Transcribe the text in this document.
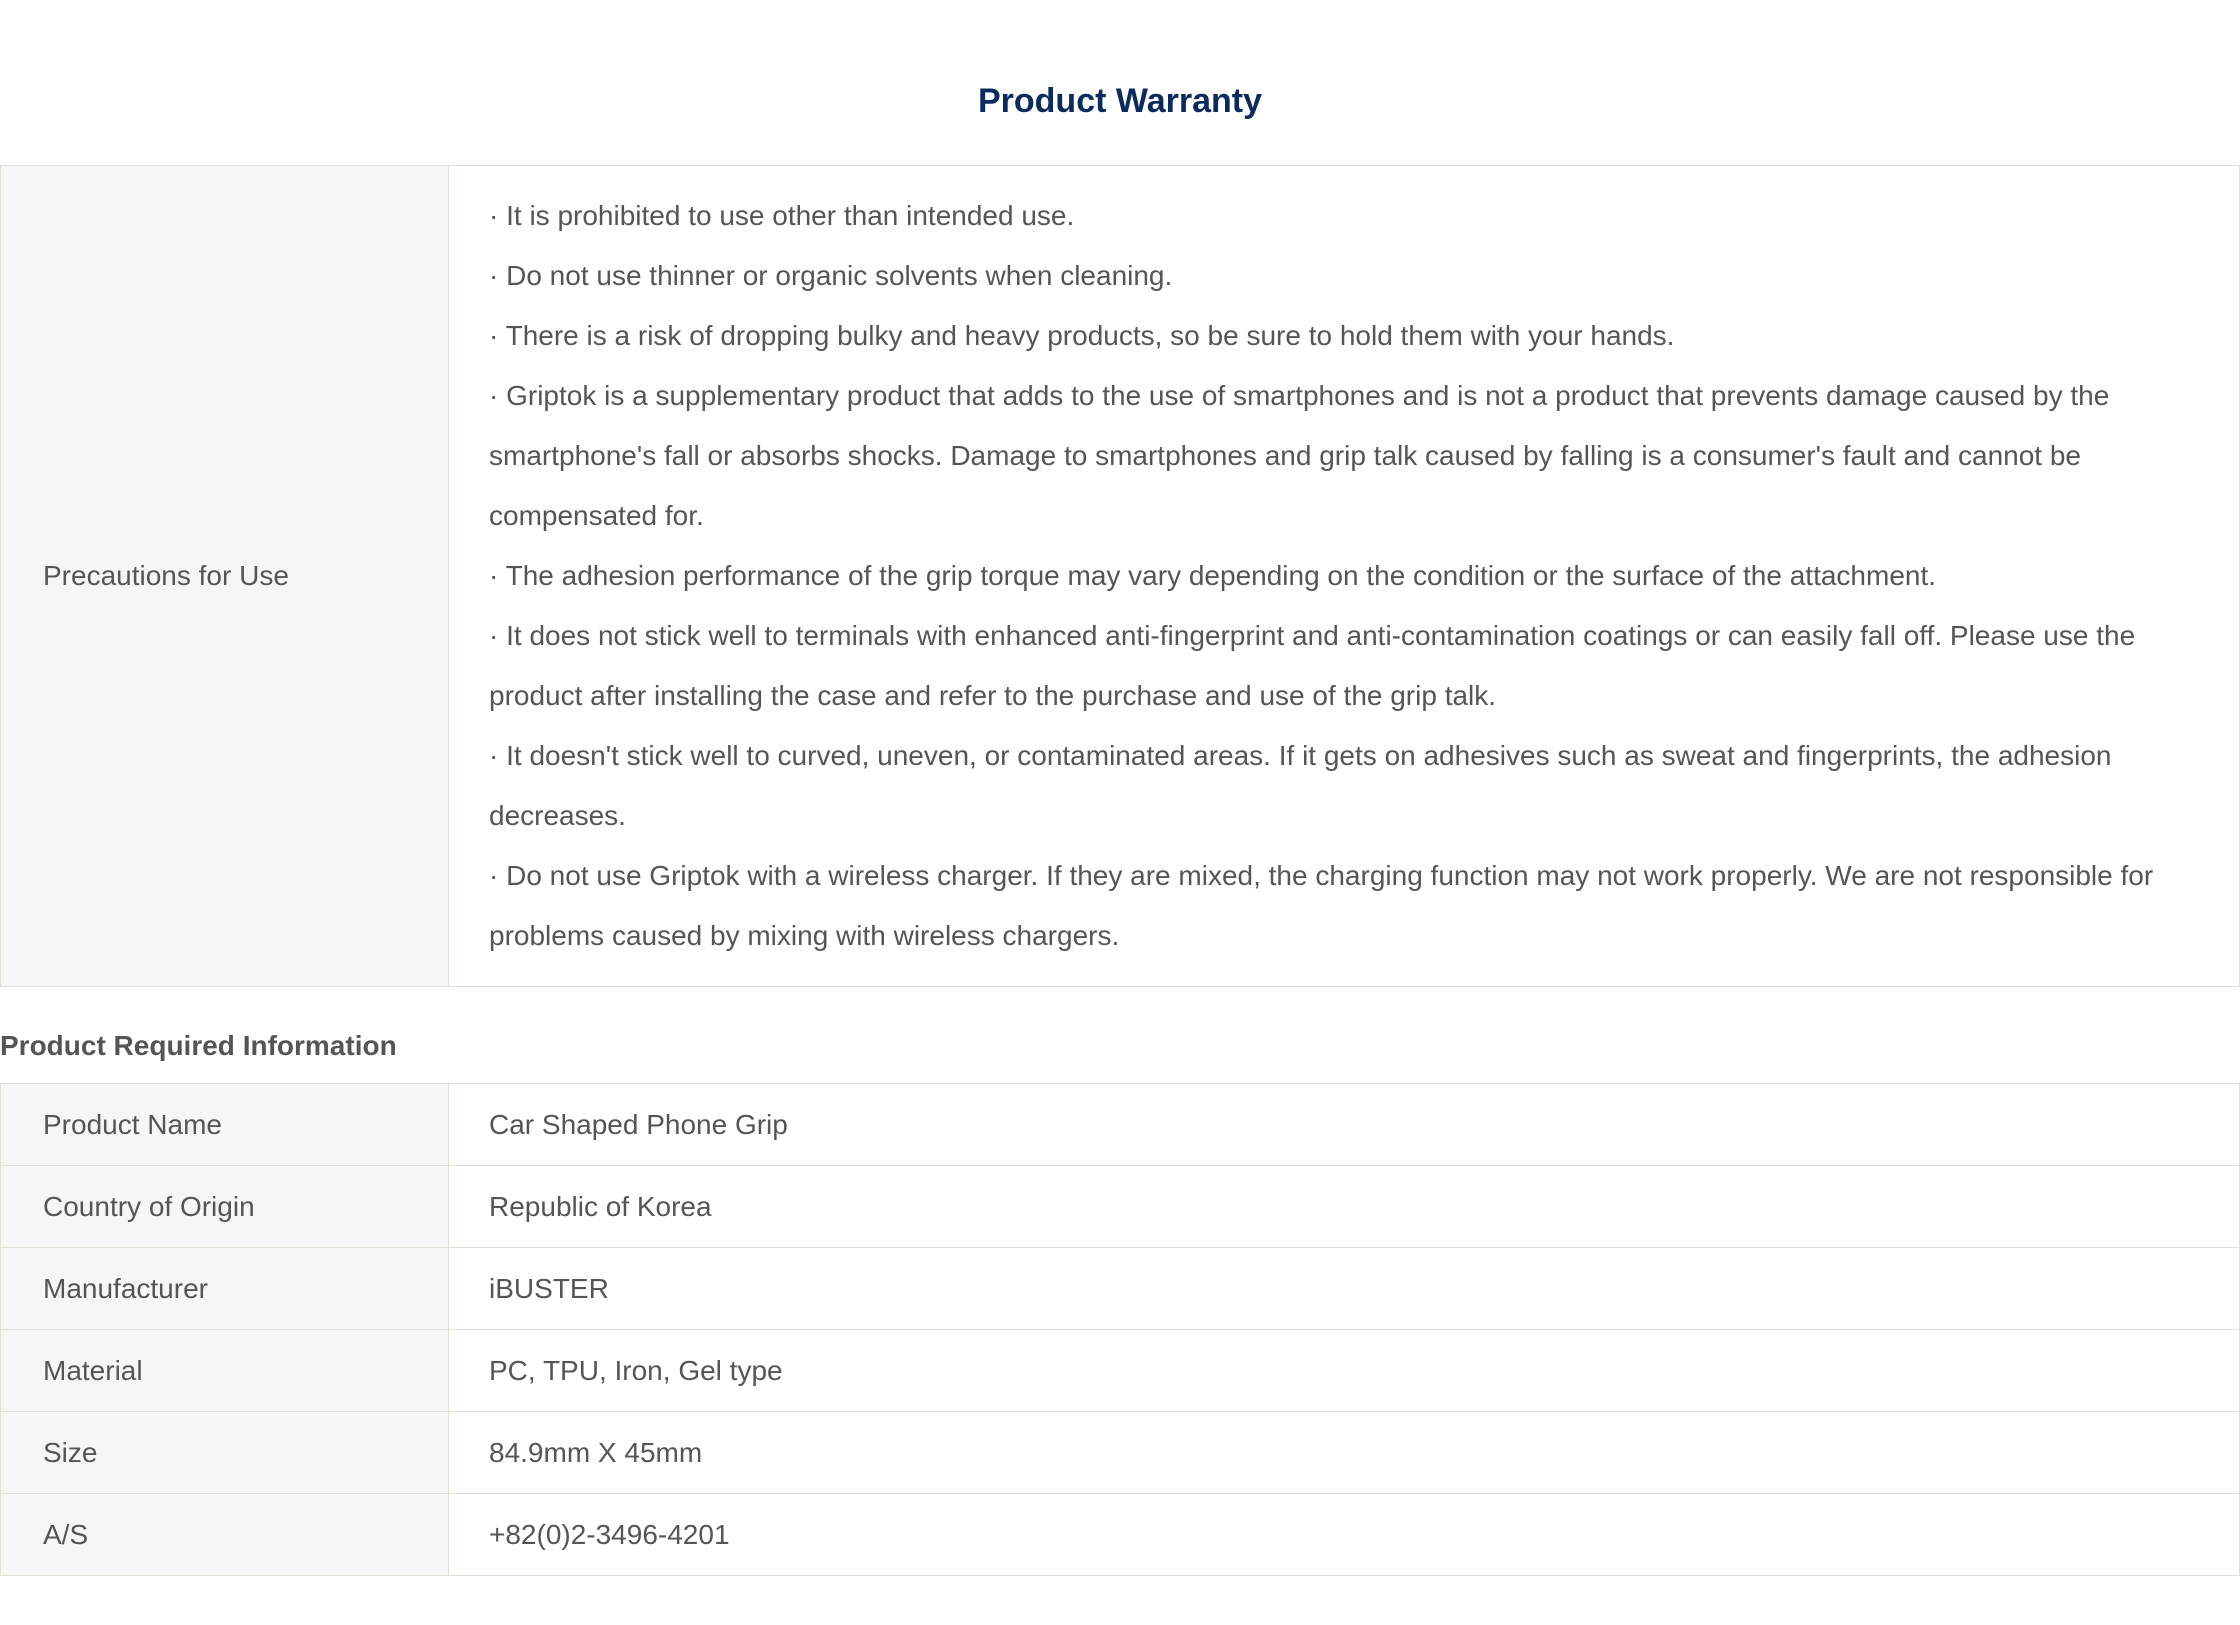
Product Warranty
Precautions for Use	
· It is prohibited to use other than intended use.
· Do not use thinner or organic solvents when cleaning.
· There is a risk of dropping bulky and heavy products, so be sure to hold them with your hands.
· Griptok is a supplementary product that adds to the use of smartphones and is not a product that prevents damage caused by the smartphone's fall or absorbs shocks. Damage to smartphones and grip talk caused by falling is a consumer's fault and cannot be compensated for.
· The adhesion performance of the grip torque may vary depending on the condition or the surface of the attachment.
· It does not stick well to terminals with enhanced anti-fingerprint and anti-contamination coatings or can easily fall off. Please use the product after installing the case and refer to the purchase and use of the grip talk.
· It doesn't stick well to curved, uneven, or contaminated areas. If it gets on adhesives such as sweat and fingerprints, the adhesion decreases.
· Do not use Griptok with a wireless charger. If they are mixed, the charging function may not work properly. We are not responsible for problems caused by mixing with wireless chargers.
Product Required Information
Product Name	Car Shaped Phone Grip
Country of Origin	Republic of Korea
Manufacturer	iBUSTER
Material	PC, TPU, Iron, Gel type
Size	84.9mm X 45mm
A/S	+82(0)2-3496-4201
